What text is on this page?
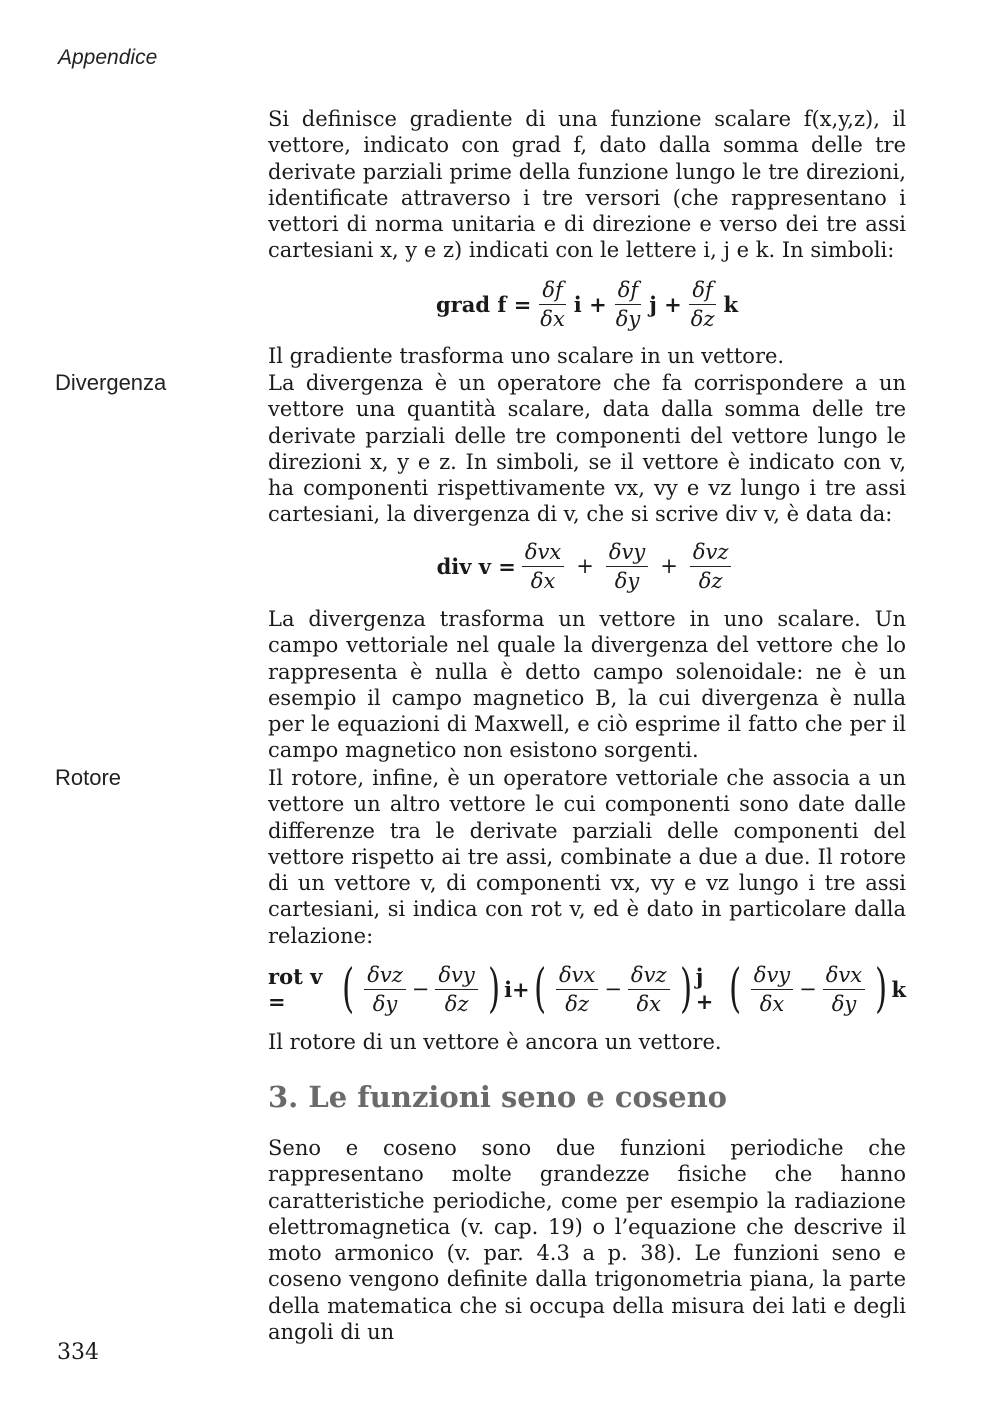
Appendice
Divergenza
Rotore

Si definisce gradiente di una funzione scalare f(x,y,z), il vettore, indicato con grad f, dato dalla somma delle tre derivate parziali prime della funzione lungo le tre direzioni, identificate attraverso i tre versori (che rappresentano i vettori di norma unitaria e di direzione e verso dei tre assi cartesiani x, y e z) indicati con le lettere i, j e k. In simboli:

grad $f = \frac{\delta f}{\delta x}$ $i + \frac{\delta f}{\delta y}$ $j + \frac{\delta f}{\delta z}$ k

Il gradiente trasforma uno scalare in un vettore.

La divergenza è un operatore che fa corrispondere a un vettore una quantità scalare, data dalla somma delle tre derivate parziali delle tre componenti del vettore lungo le direzioni x, y e z. In simboli, se il vettore è indicato con v, ha componenti rispettivamente vx, vy e vz lungo i tre assi cartesiani, la divergenza di v, che si scrive div v, è data da:

div $v = \frac{\text{δvx}}{\delta x} + \frac{\text{δvy}}{\delta y} + \frac{\text{δvz}}{\delta z}$

La divergenza trasforma un vettore in uno scalare. Un campo vettoriale nel quale la divergenza del vettore che lo rappresenta è nulla è detto campo solenoidale: ne è un esempio il campo magnetico B, la cui divergenza è nulla per le equazioni di Maxwell, e ciò esprime il fatto che per il campo magnetico non esistono sorgenti.

Il rotore, infine, è un operatore vettoriale che associa a un vettore un altro vettore le cui componenti sono date dalle differenze tra le derivate parziali delle componenti del vettore rispetto ai tre assi, combinate a due a due. Il rotore di un vettore v, di componenti vx, vy e vz lungo i tre assi cartesiani, si indica con rot v, ed è dato in particolare dalla relazione:

rot v =	( $\frac{\text{δvz}}{\delta y} - \frac{\text{δvy}}{\delta z}$ ) i+ ( $\frac{\text{δvx}}{\delta z} - \frac{\text{δvz}}{\delta x}$ ) j + ( $\frac{\text{δvy}}{\delta x} - \frac{\text{δvx}}{\delta y}$ ) k

Il rotore di un vettore è ancora un vettore.

3. Le funzioni seno e coseno

Seno e coseno sono due funzioni periodiche che rappresentano molte grandezze fisiche che hanno caratteristiche periodiche, come per esempio la radiazione elettromagnetica (v. cap. 19) o l’equazione che descrive il moto armonico (v. par. 4.3 a p. 38). Le funzioni seno e coseno vengono definite dalla trigonometria piana, la parte della matematica che si occupa della misura dei lati e degli angoli di un

334
